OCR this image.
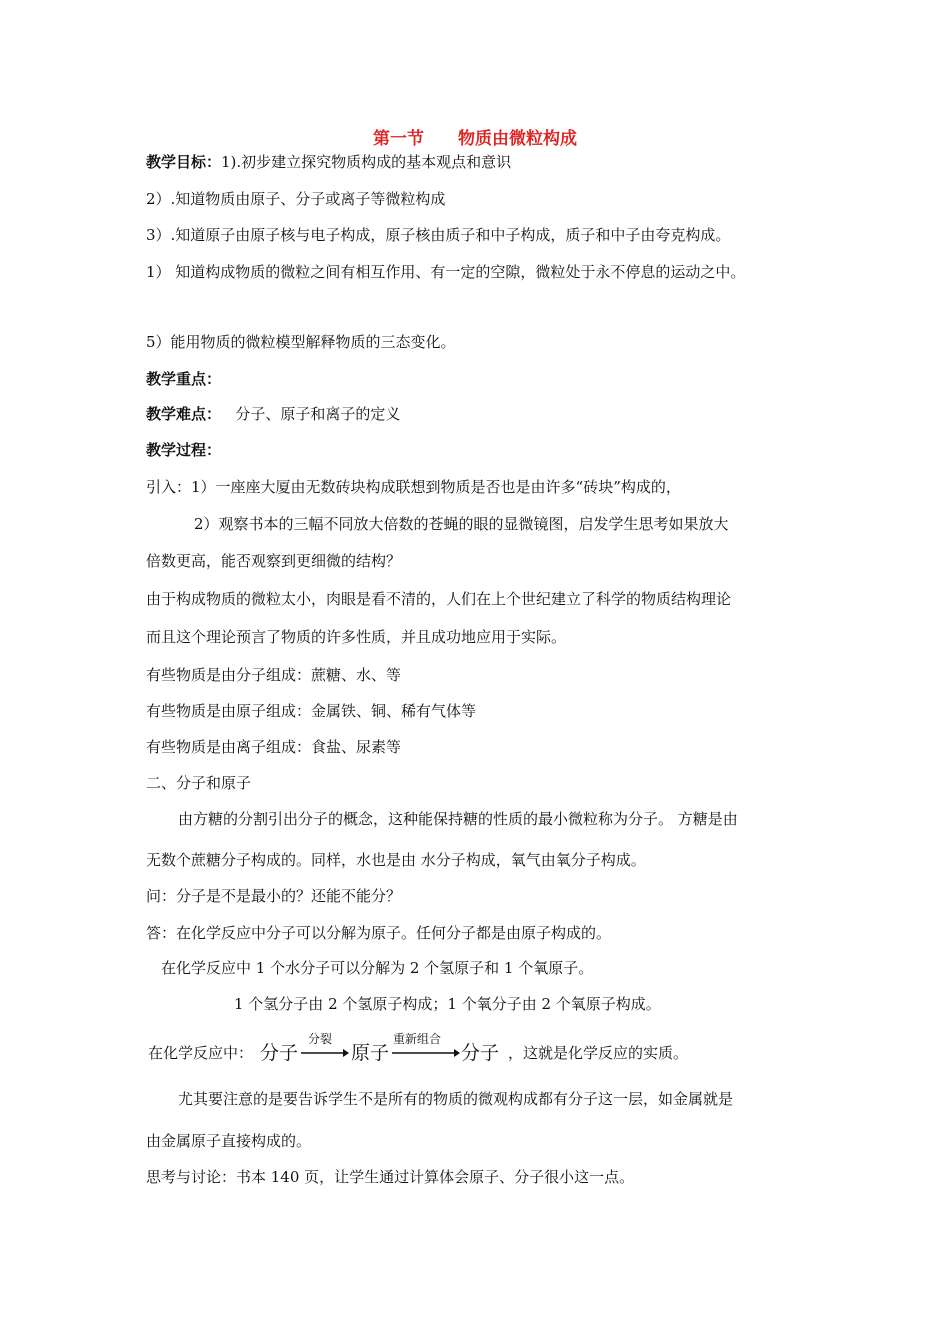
第一节 物质由微粒构成
教学目标：1).初步建立探究物质构成的基本观点和意识
2）.知道物质由原子、分子或离子等微粒构成
3）.知道原子由原子核与电子构成，原子核由质子和中子构成，质子和中子由夸克构成。
1） 知道构成物质的微粒之间有相互作用、有一定的空隙，微粒处于永不停息的运动之中。
5）能用物质的微粒模型解释物质的三态变化。
教学重点：
教学难点： 分子、原子和离子的定义
教学过程：
引入：1）一座座大厦由无数砖块构成联想到物质是否也是由许多“砖块”构成的，
2）观察书本的三幅不同放大倍数的苍蝇的眼的显微镜图，启发学生思考如果放大
倍数更高，能否观察到更细微的结构？
由于构成物质的微粒太小，肉眼是看不清的，人们在上个世纪建立了科学的物质结构理论
而且这个理论预言了物质的许多性质，并且成功地应用于实际。
有些物质是由分子组成：蔗糖、水、等
有些物质是由原子组成：金属铁、铜、稀有气体等
有些物质是由离子组成：食盐、尿素等
二、分子和原子
由方糖的分割引出分子的概念，这种能保持糖的性质的最小微粒称为分子。 方糖是由
无数个蔗糖分子构成的。同样，水也是由 水分子构成，氧气由氧分子构成。
问：分子是不是最小的？还能不能分？
答：在化学反应中分子可以分解为原子。任何分子都是由原子构成的。
在化学反应中 1 个水分子可以分解为 2 个氢原子和 1 个氧原子。
1 个氢分子由 2 个氢原子构成；1 个氧分子由 2 个氧原子构成。
在化学反应中： 分子
分裂
原子
重新组合
分子 ，这就是化学反应的实质。
尤其要注意的是要告诉学生不是所有的物质的微观构成都有分子这一层，如金属就是
由金属原子直接构成的。
思考与讨论：书本 140 页，让学生通过计算体会原子、分子很小这一点。
